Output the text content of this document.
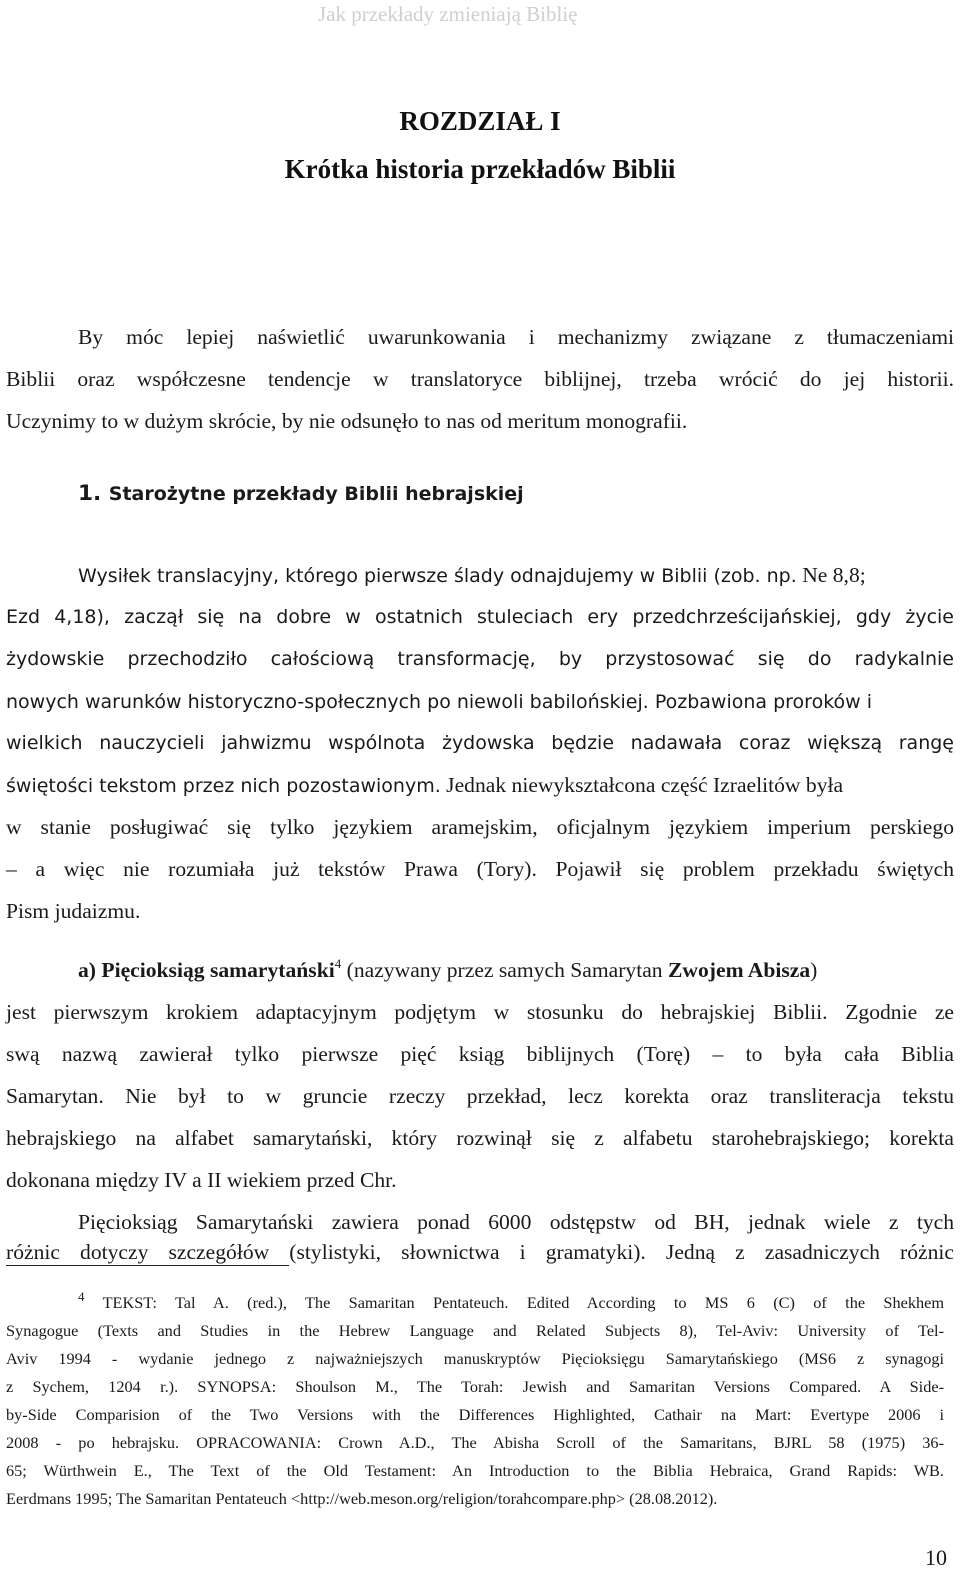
Jak przekłady zmieniają Biblię
ROZDZIAŁ I
Krótka historia przekładów Biblii
By móc lepiej naświetlić uwarunkowania i mechanizmy związane z tłumaczeniami
Biblii oraz współczesne tendencje w translatoryce biblijnej, trzeba wrócić do jej historii.
Uczynimy to w dużym skrócie, by nie odsunęło to nas od meritum monografii.
1. Starożytne przekłady Biblii hebrajskiej
Wysiłek translacyjny, którego pierwsze ślady odnajdujemy w Biblii (zob. np. Ne 8,8;
Ezd 4,18), zaczął się na dobre w ostatnich stuleciach ery przedchrześcijańskiej, gdy życie
żydowskie przechodziło całościową transformację, by przystosować się do radykalnie
nowych warunków historyczno-społecznych po niewoli babilońskiej. Pozbawiona proroków i
wielkich nauczycieli jahwizmu wspólnota żydowska będzie nadawała coraz większą rangę
świętości tekstom przez nich pozostawionym. Jednak niewykształcona część Izraelitów była
w stanie posługiwać się tylko językiem aramejskim, oficjalnym językiem imperium perskiego
– a więc nie rozumiała już tekstów Prawa (Tory). Pojawił się problem przekładu świętych
Pism judaizmu.
a) Pięcioksiąg samarytański$^4$ (nazywany przez samych Samarytan Zwojem Abisza)
jest pierwszym krokiem adaptacyjnym podjętym w stosunku do hebrajskiej Biblii. Zgodnie ze
swą nazwą zawierał tylko pierwsze pięć ksiąg biblijnych (Torę) – to była cała Biblia
Samarytan. Nie był to w gruncie rzeczy przekład, lecz korekta oraz transliteracja tekstu
hebrajskiego na alfabet samarytański, który rozwinął się z alfabetu starohebrajskiego; korekta
dokonana między IV a II wiekiem przed Chr.
Pięcioksiąg Samarytański zawiera ponad 6000 odstępstw od BH, jednak wiele z tych
różnic dotyczy szczegółów (stylistyki, słownictwa i gramatyki). Jedną z zasadniczych różnic
$^4$ TEKST: Tal A. (red.), The Samaritan Pentateuch. Edited According to MS 6 (C) of the Shekhem
Synagogue (Texts and Studies in the Hebrew Language and Related Subjects 8), Tel-Aviv: University of Tel-
Aviv 1994 - wydanie jednego z najważniejszych manuskryptów Pięcioksięgu Samarytańskiego (MS6 z synagogi
z Sychem, 1204 r.). SYNOPSA: Shoulson M., The Torah: Jewish and Samaritan Versions Compared. A Side-
by-Side Comparision of the Two Versions with the Differences Highlighted, Cathair na Mart: Evertype 2006 i
2008 - po hebrajsku. OPRACOWANIA: Crown A.D., The Abisha Scroll of the Samaritans, BJRL 58 (1975) 36-
65; Würthwein E., The Text of the Old Testament: An Introduction to the Biblia Hebraica, Grand Rapids: WB.
Eerdmans 1995; The Samaritan Pentateuch <http://web.meson.org/religion/torahcompare.php> (28.08.2012).
10
